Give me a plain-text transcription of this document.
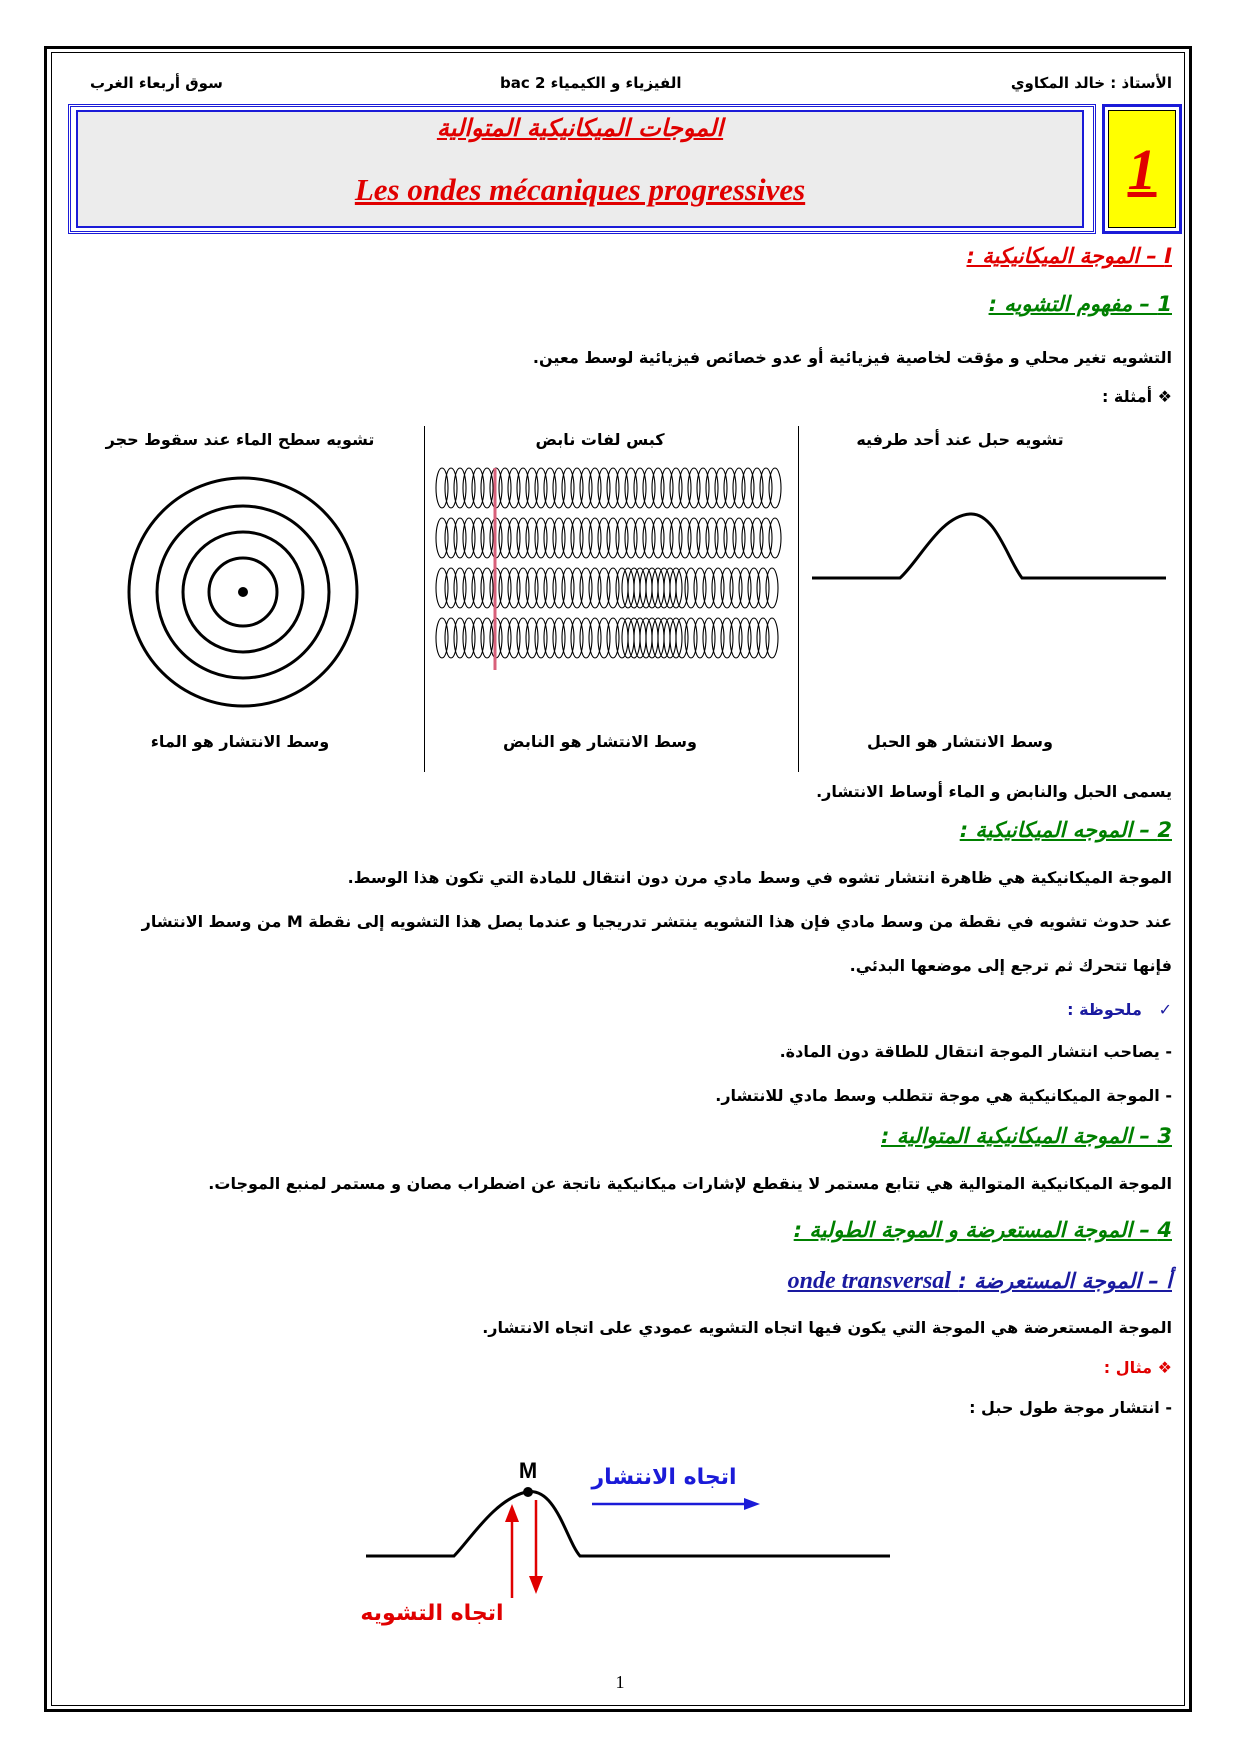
الأستاذ : خالد المكاوي
الفيزياء و الكيمياء 2 bac
سوق أربعاء الغرب
الموجات الميكانيكية المتوالية
Les ondes mécaniques progressives	1
I – الموجة الميكانيكية :
1 – مفهوم التشويه :
التشويه تغير محلي و مؤقت لخاصية فيزيائية أو عدو خصائص فيزيائية لوسط معين.
❖ أمثلة :
تشويه حبل عند أحد طرفيه
كبس لفات نابض
تشويه سطح الماء عند سقوط حجر
وسط الانتشار هو الحبل
وسط الانتشار هو النابض
وسط الانتشار هو الماء
يسمى الحبل والنابض و الماء أوساط الانتشار.
2 – الموجه الميكانيكية :
الموجة الميكانيكية هي ظاهرة انتشار تشوه في وسط مادي مرن دون انتقال للمادة التي تكون هذا الوسط.
عند حدوث تشويه في نقطة من وسط مادي فإن هذا التشويه ينتشر تدريجيا و عندما يصل هذا التشويه إلى نقطة M من وسط الانتشار
فإنها تتحرك ثم ترجع إلى موضعها البدئي.
✓   ملحوظة :
- يصاحب انتشار الموجة انتقال للطاقة دون المادة.
- الموجة الميكانيكية هي موجة تتطلب وسط مادي للانتشار.
3 – الموجة الميكانيكية المتوالية :
الموجة الميكانيكية المتوالية هي تتابع مستمر لا ينقطع لإشارات ميكانيكية ناتجة عن اضطراب مصان و مستمر لمنبع الموجات.
4 – الموجة المستعرضة و الموجة الطولية :
أ – الموجة المستعرضة : onde transversal
الموجة المستعرضة هي الموجة التي يكون فيها اتجاه التشويه عمودي على اتجاه الانتشار.
❖ مثال :
- انتشار موجة طول حبل :
M اتجاه الانتشار
اتجاه التشويه
1
